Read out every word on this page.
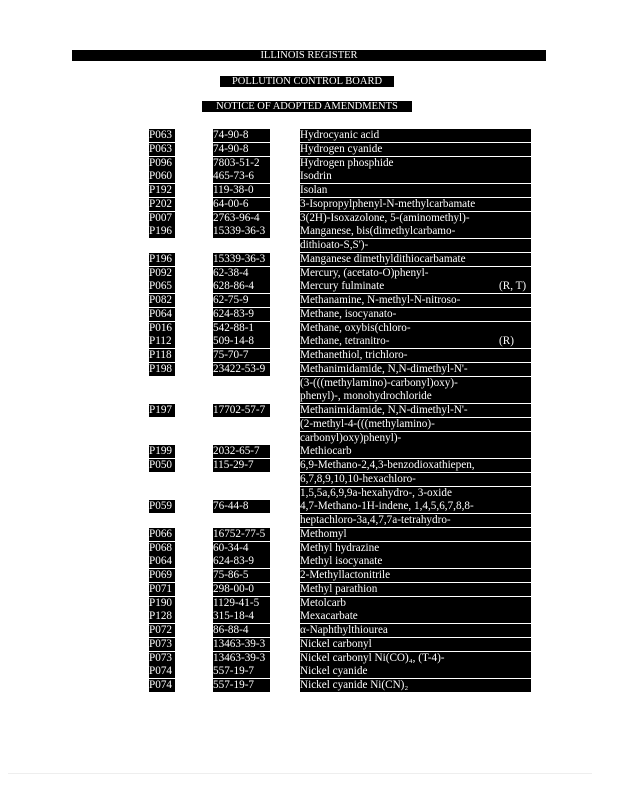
ILLINOIS REGISTER
POLLUTION CONTROL BOARD
NOTICE OF ADOPTED AMENDMENTS
P063	74-90-8	Hydrocyanic acid
P063	74-90-8	Hydrogen cyanide
P096	7803-51-2	Hydrogen phosphide
P060	465-73-6	Isodrin
P192	119-38-0	Isolan
P202	64-00-6	3-Isopropylphenyl-N-methylcarbamate
P007	2763-96-4	3(2H)-Isoxazolone, 5-(aminomethyl)-
P196	15339-36-3	Manganese, bis(dimethylcarbamo-
dithioato-S,S')-
P196	15339-36-3	Manganese dimethyldithiocarbamate
P092	62-38-4	Mercury, (acetato-O)phenyl-
P065	628-86-4	Mercury fulminate	(R, T)
P082	62-75-9	Methanamine, N-methyl-N-nitroso-
P064	624-83-9	Methane, isocyanato-
P016	542-88-1	Methane, oxybis(chloro-
P112	509-14-8	Methane, tetranitro-	(R)
P118	75-70-7	Methanethiol, trichloro-
P198	23422-53-9	Methanimidamide, N,N-dimethyl-N'-
(3-(((methylamino)-carbonyl)oxy)-
phenyl)-, monohydrochloride
P197	17702-57-7	Methanimidamide, N,N-dimethyl-N'-
(2-methyl-4-(((methylamino)-
carbonyl)oxy)phenyl)-
P199	2032-65-7	Methiocarb
P050	115-29-7	6,9-Methano-2,4,3-benzodioxathiepen,
6,7,8,9,10,10-hexachloro-
1,5,5a,6,9,9a-hexahydro-, 3-oxide
P059	76-44-8	4,7-Methano-1H-indene, 1,4,5,6,7,8,8-
heptachloro-3a,4,7,7a-tetrahydro-
P066	16752-77-5	Methomyl
P068	60-34-4	Methyl hydrazine
P064	624-83-9	Methyl isocyanate
P069	75-86-5	2-Methyllactonitrile
P071	298-00-0	Methyl parathion
P190	1129-41-5	Metolcarb
P128	315-18-4	Mexacarbate
P072	86-88-4	α-Naphthylthiourea
P073	13463-39-3	Nickel carbonyl
P073	13463-39-3	Nickel carbonyl Ni(CO)₄, (T-4)-
P074	557-19-7	Nickel cyanide
P074	557-19-7	Nickel cyanide Ni(CN)₂
